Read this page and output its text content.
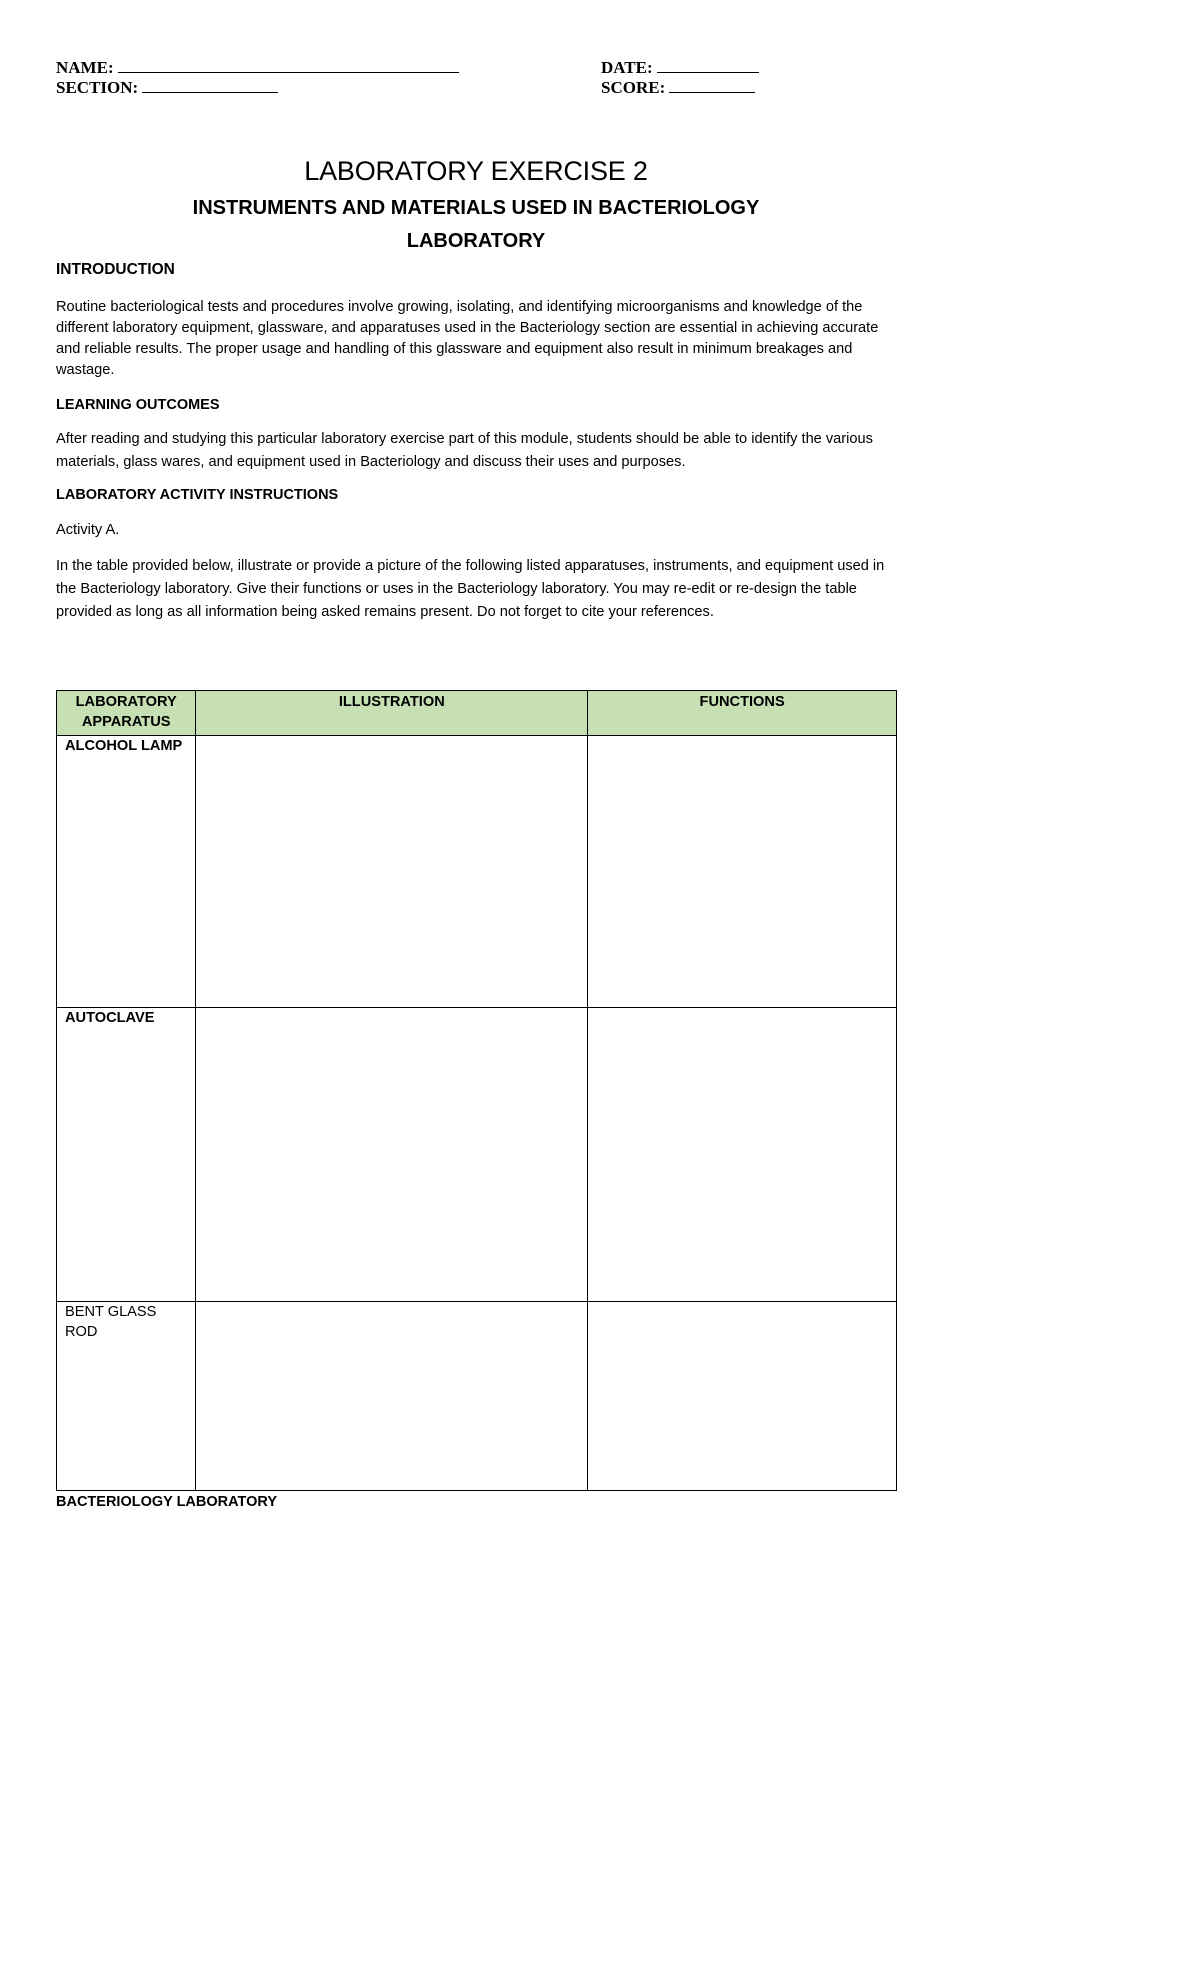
NAME:
SECTION:
DATE:
SCORE:
LABORATORY EXERCISE 2
INSTRUMENTS AND MATERIALS USED IN BACTERIOLOGY
LABORATORY
INTRODUCTION

Routine bacteriological tests and procedures involve growing, isolating, and identifying microorganisms and knowledge of the different laboratory equipment, glassware, and apparatuses used in the Bacteriology section are essential in achieving accurate and reliable results. The proper usage and handling of this glassware and equipment also result in minimum breakages and wastage.

LEARNING OUTCOMES

After reading and studying this particular laboratory exercise part of this module, students should be able to identify the various materials, glass wares, and equipment used in Bacteriology and discuss their uses and purposes.

LABORATORY ACTIVITY INSTRUCTIONS

Activity A.

In the table provided below, illustrate or provide a picture of the following listed apparatuses, instruments, and equipment used in the Bacteriology laboratory. Give their functions or uses in the Bacteriology laboratory. You may re-edit or re-design the table provided as long as all information being asked remains present. Do not forget to cite your references.

LABORATORY APPARATUS	ILLUSTRATION	FUNCTIONS
ALCOHOL LAMP		
AUTOCLAVE		
BENT GLASS ROD		
BACTERIOLOGY LABORATORY
